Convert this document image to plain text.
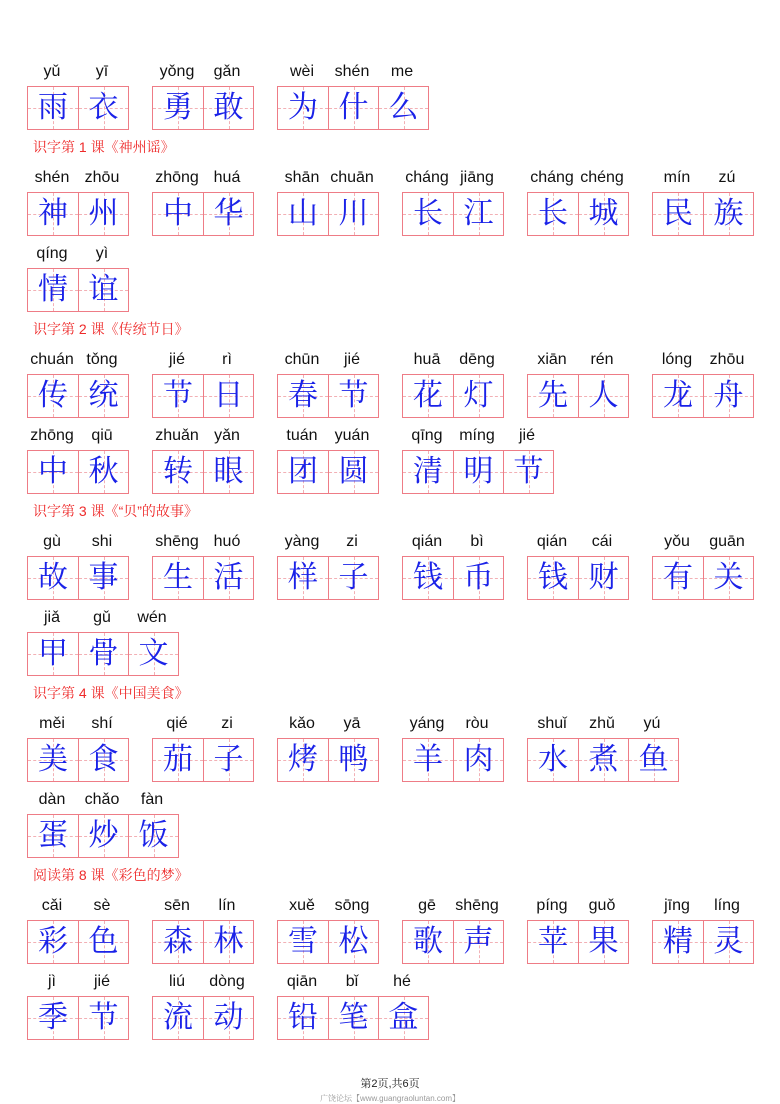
yǔ	yī
雨 衣
yǒng	gǎn
勇 敢
wèi	shén	me
为 什 么
识字第 1 课《神州谣》
shén zhōu
神 州
zhōng huá
中 华
shān chuān
山 川
cháng jiāng
长 江
cháng chéng
长 城
mín	zú
民 族
qíng	yì
情 谊
识字第 2 课《传统节日》
chuán tǒng
传 统
jié	rì
节 日
chūn	jié
春 节
huā	dēng
花 灯
xiān	rén
先 人
lóng	zhōu
龙 舟
zhōng	qiū
中 秋
zhuǎn yǎn
转 眼
tuán	yuán
团 圆
qīng	míng	jié
清 明 节
识字第 3 课《“贝”的故事》
gù	shi
故 事
shēng huó
生 活
yàng	zi
样 子
qián	bì
钱 币
qián	cái
钱 财
yǒu	guān
有 关
jiǎ	gǔ	wén
甲 骨 文
识字第 4 课《中国美食》
měi	shí
美 食
qié	zi
茄 子
kǎo	yā
烤 鸭
yáng	ròu
羊 肉
shuǐ	zhǔ	yú
水 煮 鱼
dàn	chǎo	fàn
蛋 炒 饭
阅读第 8 课《彩色的梦》
cǎi	sè
彩 色
sēn	lín
森 林
xuě	sōng
雪 松
gē	shēng
歌 声
píng	guǒ
苹 果
jīng	líng
精 灵
jì	jié
季 节
liú	dòng
流 动
qiān	bǐ	hé
铅 笔 盒
第2页,共6页
广饶论坛【www.guangraoluntan.com】
